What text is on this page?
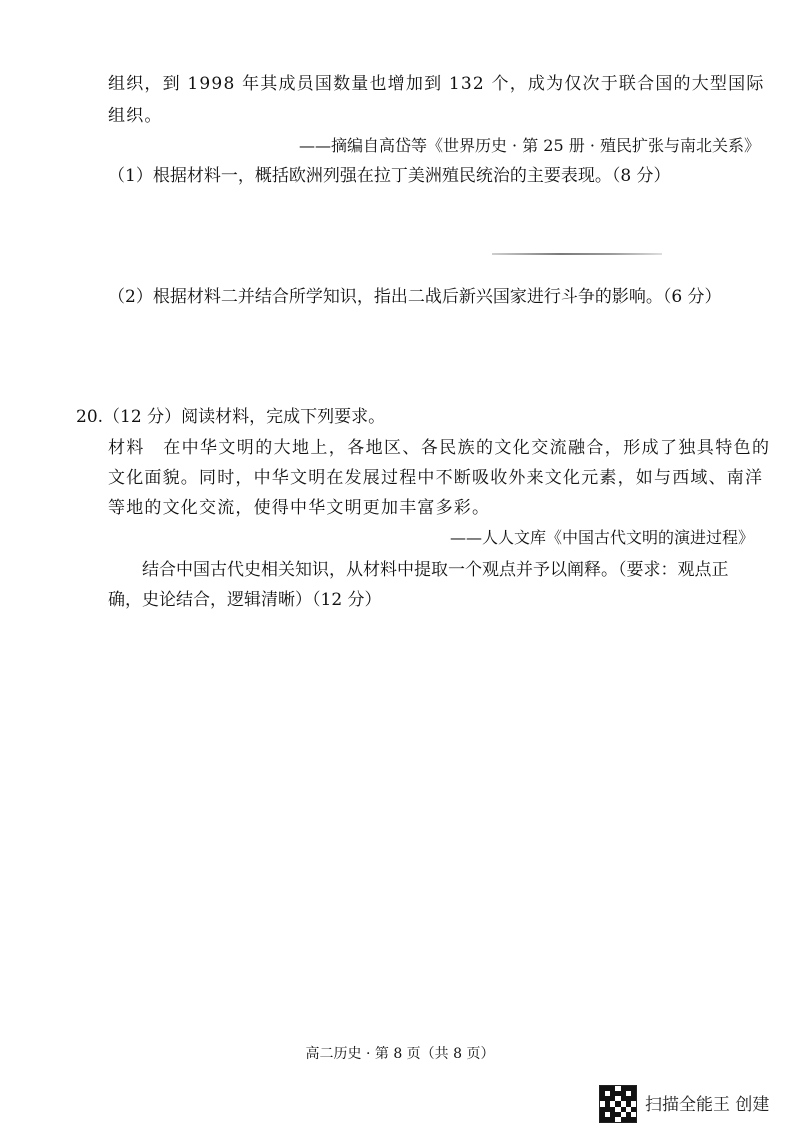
组织，到 1998 年其成员国数量也增加到 132 个，成为仅次于联合国的大型国际
组织。
——摘编自高岱等《世界历史 · 第 25 册 · 殖民扩张与南北关系》
（1）根据材料一，概括欧洲列强在拉丁美洲殖民统治的主要表现。（8 分）
（2）根据材料二并结合所学知识，指出二战后新兴国家进行斗争的影响。（6 分）
20.（12 分）阅读材料，完成下列要求。
材料　在中华文明的大地上，各地区、各民族的文化交流融合，形成了独具特色的
文化面貌。同时，中华文明在发展过程中不断吸收外来文化元素，如与西域、南洋
等地的文化交流，使得中华文明更加丰富多彩。
——人人文库《中国古代文明的演进过程》
结合中国古代史相关知识，从材料中提取一个观点并予以阐释。（要求：观点正
确，史论结合，逻辑清晰）（12 分）
高二历史 · 第 8 页（共 8 页）
扫描全能王 创建
